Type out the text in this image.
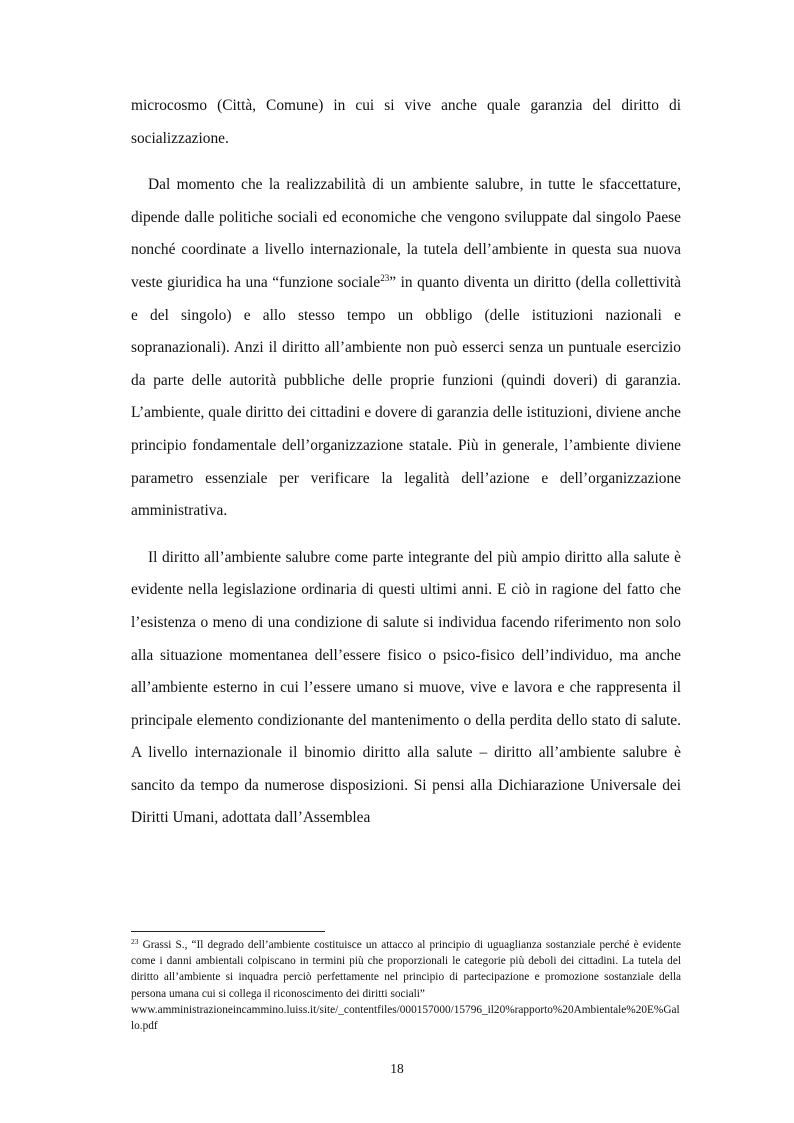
microcosmo (Città, Comune) in cui si vive anche quale garanzia del diritto di socializzazione.

Dal momento che la realizzabilità di un ambiente salubre, in tutte le sfaccettature, dipende dalle politiche sociali ed economiche che vengono sviluppate dal singolo Paese nonché coordinate a livello internazionale, la tutela dell’ambiente in questa sua nuova veste giuridica ha una “funzione sociale$^{23}$” in quanto diventa un diritto (della collettività e del singolo) e allo stesso tempo un obbligo (delle istituzioni nazionali e sopranazionali). Anzi il diritto all’ambiente non può esserci senza un puntuale esercizio da parte delle autorità pubbliche delle proprie funzioni (quindi doveri) di garanzia. L’ambiente, quale diritto dei cittadini e dovere di garanzia delle istituzioni, diviene anche principio fondamentale dell’organizzazione statale. Più in generale, l’ambiente diviene parametro essenziale per verificare la legalità dell’azione e dell’organizzazione amministrativa.

Il diritto all’ambiente salubre come parte integrante del più ampio diritto alla salute è evidente nella legislazione ordinaria di questi ultimi anni. E ciò in ragione del fatto che l’esistenza o meno di una condizione di salute si individua facendo riferimento non solo alla situazione momentanea dell’essere fisico o psico-fisico dell’individuo, ma anche all’ambiente esterno in cui l’essere umano si muove, vive e lavora e che rappresenta il principale elemento condizionante del mantenimento o della perdita dello stato di salute. A livello internazionale il binomio diritto alla salute – diritto all’ambiente salubre è sancito da tempo da numerose disposizioni. Si pensi alla Dichiarazione Universale dei Diritti Umani, adottata dall’Assemblea

$^{23}$ Grassi S., “Il degrado dell’ambiente costituisce un attacco al principio di uguaglianza sostanziale perché è evidente come i danni ambientali colpiscano in termini più che proporzionali le categorie più deboli dei cittadini. La tutela del diritto all’ambiente si inquadra perciò perfettamente nel principio di partecipazione e promozione sostanziale della persona umana cui si collega il riconoscimento dei diritti sociali”
www.amministrazioneincammino.luiss.it/site/_contentfiles/000157000/15796_il20%rapporto%20Ambientale%20E%Gallo.pdf
18
